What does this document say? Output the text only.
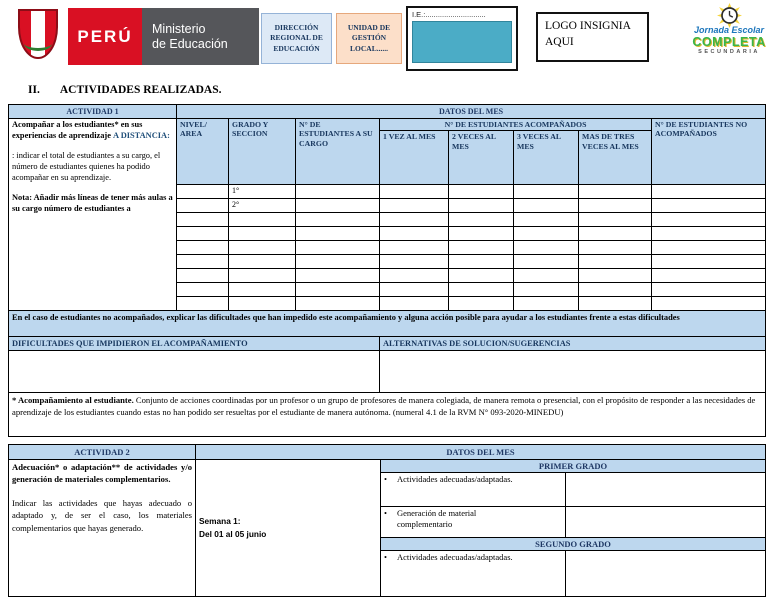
PERÚ Ministerio
de Educación
DIRECCIÓN REGIONAL DE EDUCACIÓN
UNIDAD DE GESTIÓN LOCAL......
I.E.:.............................
LOGO INSIGNIA
AQUI
Jornada Escolar
COMPLETA
SECUNDARIA
II. ACTIVIDADES REALIZADAS.
ACTIVIDAD 1	DATOS DEL MES							

Acompañar a los estudiantes* en sus experiencias de aprendizaje A DISTANCIA:
: indicar el total de estudiantes a su cargo, el número de estudiantes quienes ha podido acompañar en su aprendizaje.
Nota: Añadir más líneas de tener más aulas a su cargo número de estudiantes a	NIVEL/ AREA	GRADO Y SECCION	N° DE ESTUDIANTES A SU CARGO	N° DE ESTUDIANTES ACOMPAÑADOS				N° DE ESTUDIANTES NO ACOMPAÑADOS
				1 VEZ AL MES	2 VECES AL MES	3 VECES AL MES	MAS DE TRES VECES AL MES	
		1°						
		2°						

En el caso de estudiantes no acompañados, explicar las dificultades que han impedido este acompañamiento y alguna acción posible para ayudar a los estudiantes frente a estas dificultades								
DIFICULTADES QUE IMPIDIERON EL ACOMPAÑAMIENTO				ALTERNATIVAS DE SOLUCION/SUGERENCIAS				

* Acompañamiento al estudiante. Conjunto de acciones coordinadas por un profesor o un grupo de profesores de manera colegiada, de manera remota o presencial, con el propósito de responder a las necesidades de aprendizaje de los estudiantes cuando estas no han podido ser resueltas por el estudiante de manera autónoma. (numeral 4.1 de la RVM N° 093-2020-MINEDU)								
ACTIVIDAD 2	DATOS DEL MES		

Adecuación* o adaptación** de actividades y/o generación de materiales complementarios.
Indicar las actividades que hayas adecuado o adaptado y, de ser el caso, los materiales complementarios que hayas generado.

Semana 1:
Del 01 al 05 junio
	PRIMER GRADO
		• Actividades adecuadas/adaptadas.	
		• Generación de material complementario	
		SEGUNDO GRADO	
		• Actividades adecuadas/adaptadas.	
